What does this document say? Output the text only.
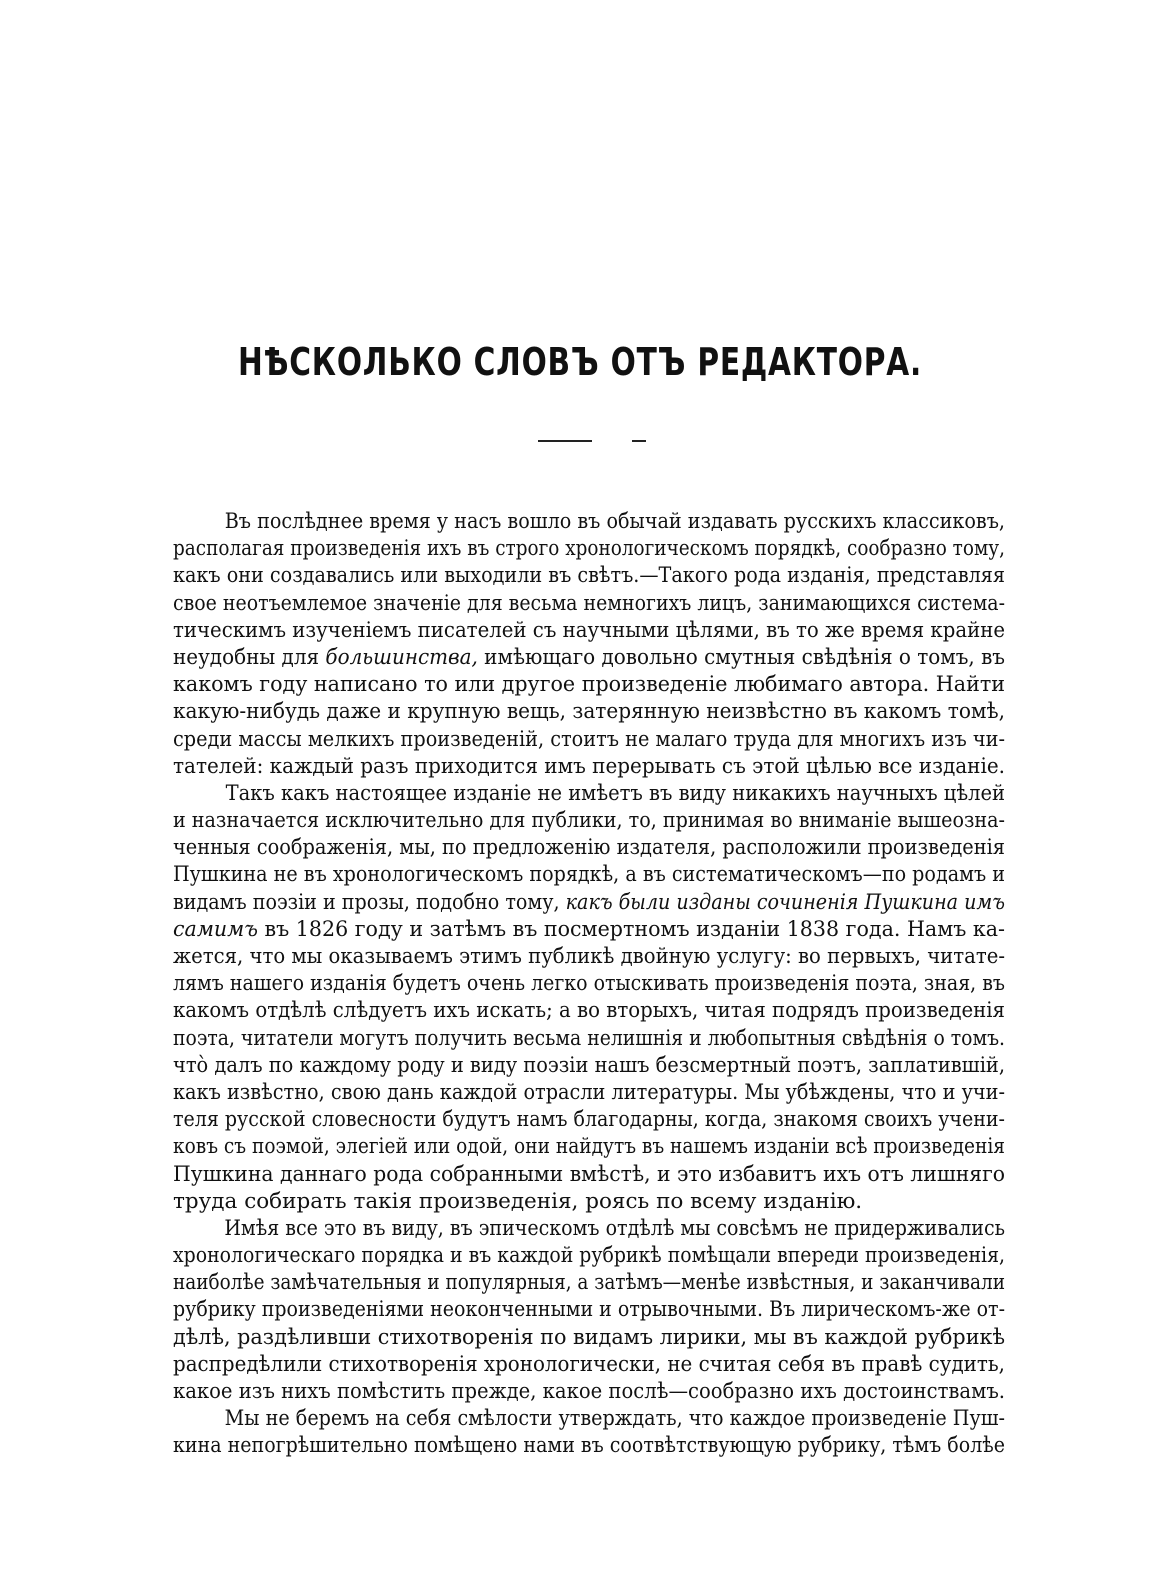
НѢСКОЛЬКО СЛОВЪ ОТЪ РЕДАКТОРА.
Въ послѣднее время у насъ вошло въ обычай издавать русскихъ классиковъ,
располагая произведенія ихъ въ строго хронологическомъ порядкѣ, сообразно тому,
какъ они создавались или выходили въ свѣтъ.—Такого рода изданія, представляя
свое неотъемлемое значеніе для весьма немногихъ лицъ, занимающихся система-
тическимъ изученіемъ писателей съ научными цѣлями, въ то же время крайне
неудобны для большинства, имѣющаго довольно смутныя свѣдѣнія о томъ, въ
какомъ году написано то или другое произведеніе любимаго автора. Найти
какую-нибудь даже и крупную вещь, затерянную неизвѣстно въ какомъ томѣ,
среди массы мелкихъ произведеній, стоитъ не малаго труда для многихъ изъ чи-
тателей: каждый разъ приходится имъ перерывать съ этой цѣлью все изданіе.
Такъ какъ настоящее изданіе не имѣетъ въ виду никакихъ научныхъ цѣлей
и назначается исключительно для публики, то, принимая во вниманіе вышеозна-
ченныя соображенія, мы, по предложенію издателя, расположили произведенія
Пушкина не въ хронологическомъ порядкѣ, а въ систематическомъ—по родамъ и
видамъ поэзіи и прозы, подобно тому, какъ были изданы сочиненія Пушкина имъ
самимъ въ 1826 году и затѣмъ въ посмертномъ изданіи 1838 года. Намъ ка-
жется, что мы оказываемъ этимъ публикѣ двойную услугу: во первыхъ, читате-
лямъ нашего изданія будетъ очень легко отыскивать произведенія поэта, зная, въ
какомъ отдѣлѣ слѣдуетъ ихъ искать; а во вторыхъ, читая подрядъ произведенія
поэта, читатели могутъ получить весьма нелишнія и любопытныя свѣдѣнія о томъ.
чтò далъ по каждому роду и виду поэзіи нашъ безсмертный поэтъ, заплатившій,
какъ извѣстно, свою дань каждой отрасли литературы. Мы убѣждены, что и учи-
теля русской словесности будутъ намъ благодарны, когда, знакомя своихъ учени-
ковъ съ поэмой, элегіей или одой, они найдутъ въ нашемъ изданіи всѣ произведенія
Пушкина даннаго рода собранными вмѣстѣ, и это избавитъ ихъ отъ лишняго
труда собирать такія произведенія, роясь по всему изданію.
Имѣя все это въ виду, въ эпическомъ отдѣлѣ мы совсѣмъ не придерживались
хронологическаго порядка и въ каждой рубрикѣ помѣщали впереди произведенія,
наиболѣе замѣчательныя и популярныя, а затѣмъ—менѣе извѣстныя, и заканчивали
рубрику произведеніями неоконченными и отрывочными. Въ лирическомъ-же от-
дѣлѣ, раздѣливши стихотворенія по видамъ лирики, мы въ каждой рубрикѣ
распредѣлили стихотворенія хронологически, не считая себя въ правѣ судить,
какое изъ нихъ помѣстить прежде, какое послѣ—сообразно ихъ достоинствамъ.
Мы не беремъ на себя смѣлости утверждать, что каждое произведеніе Пуш-
кина непогрѣшительно помѣщено нами въ соотвѣтствующую рубрику, тѣмъ болѣе
